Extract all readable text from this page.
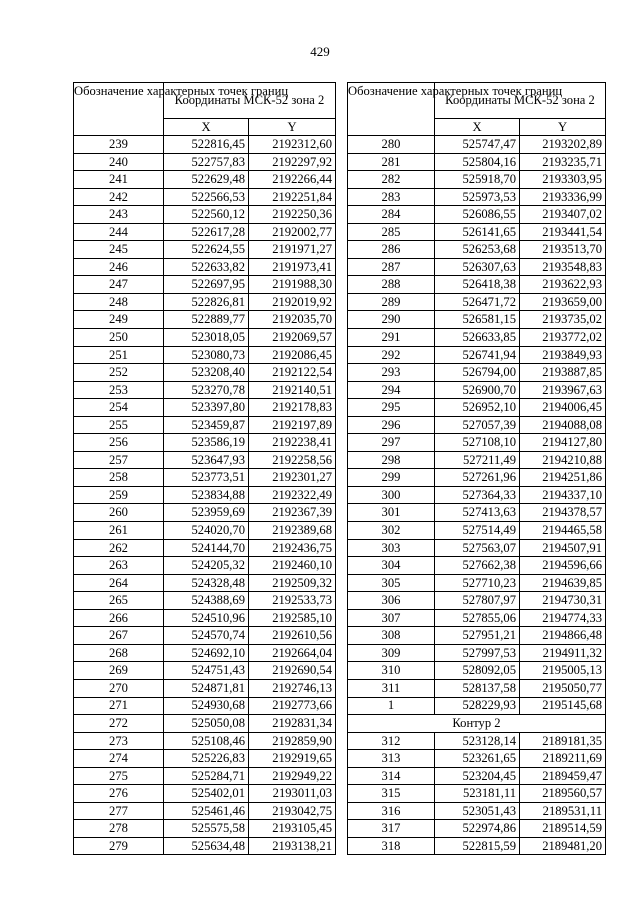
429
Обозначение характерных точек границ	Координаты МСК-52 зона 2	
	X	Y
239	522816,45	2192312,60
240	522757,83	2192297,92
241	522629,48	2192266,44
242	522566,53	2192251,84
243	522560,12	2192250,36
244	522617,28	2192002,77
245	522624,55	2191971,27
246	522633,82	2191973,41
247	522697,95	2191988,30
248	522826,81	2192019,92
249	522889,77	2192035,70
250	523018,05	2192069,57
251	523080,73	2192086,45
252	523208,40	2192122,54
253	523270,78	2192140,51
254	523397,80	2192178,83
255	523459,87	2192197,89
256	523586,19	2192238,41
257	523647,93	2192258,56
258	523773,51	2192301,27
259	523834,88	2192322,49
260	523959,69	2192367,39
261	524020,70	2192389,68
262	524144,70	2192436,75
263	524205,32	2192460,10
264	524328,48	2192509,32
265	524388,69	2192533,73
266	524510,96	2192585,10
267	524570,74	2192610,56
268	524692,10	2192664,04
269	524751,43	2192690,54
270	524871,81	2192746,13
271	524930,68	2192773,66
272	525050,08	2192831,34
273	525108,46	2192859,90
274	525226,83	2192919,65
275	525284,71	2192949,22
276	525402,01	2193011,03
277	525461,46	2193042,75
278	525575,58	2193105,45
279	525634,48	2193138,21
Обозначение характерных точек границ	Координаты МСК-52 зона 2	
	X	Y
280	525747,47	2193202,89
281	525804,16	2193235,71
282	525918,70	2193303,95
283	525973,53	2193336,99
284	526086,55	2193407,02
285	526141,65	2193441,54
286	526253,68	2193513,70
287	526307,63	2193548,83
288	526418,38	2193622,93
289	526471,72	2193659,00
290	526581,15	2193735,02
291	526633,85	2193772,02
292	526741,94	2193849,93
293	526794,00	2193887,85
294	526900,70	2193967,63
295	526952,10	2194006,45
296	527057,39	2194088,08
297	527108,10	2194127,80
298	527211,49	2194210,88
299	527261,96	2194251,86
300	527364,33	2194337,10
301	527413,63	2194378,57
302	527514,49	2194465,58
303	527563,07	2194507,91
304	527662,38	2194596,66
305	527710,23	2194639,85
306	527807,97	2194730,31
307	527855,06	2194774,33
308	527951,21	2194866,48
309	527997,53	2194911,32
310	528092,05	2195005,13
311	528137,58	2195050,77
1	528229,93	2195145,68
Контур 2		
312	523128,14	2189181,35
313	523261,65	2189211,69
314	523204,45	2189459,47
315	523181,11	2189560,57
316	523051,43	2189531,11
317	522974,86	2189514,59
318	522815,59	2189481,20
